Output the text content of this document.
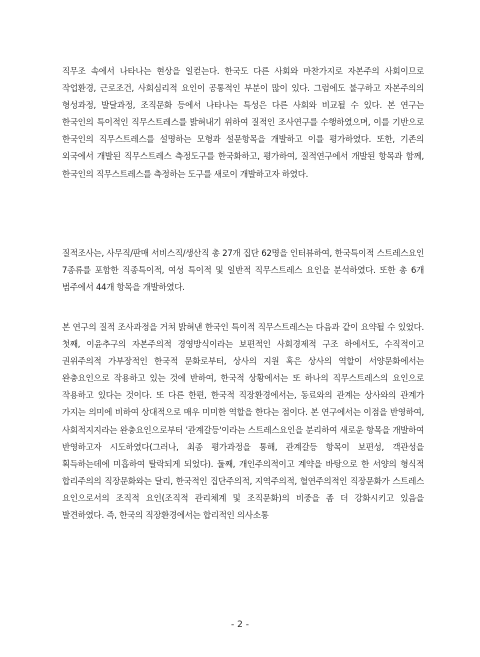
직무조 속에서 나타나는 현상을 일컫는다. 한국도 다른 사회와 마찬가지로 자본주의 사회이므로 작업환경, 근로조건, 사회심리적 요인이 공통적인 부분이 많이 있다. 그럼에도 불구하고 자본주의의 형성과정, 발달과정, 조직문화 등에서 나타나는 특성은 다른 사회와 비교될 수 있다. 본 연구는 한국인의 특이적인 직무스트레스를 밝혀내기 위하여 질적인 조사연구를 수행하였으며, 이를 기반으로 한국인의 직무스트레스를 설명하는 모형과 설문항목을 개발하고 이를 평가하였다. 또한, 기존의 외국에서 개발된 직무스트레스 측정도구를 한국화하고, 평가하여, 질적연구에서 개발된 항목과 함께, 한국인의 직무스트레스를 측정하는 도구를 새로이 개발하고자 하였다.

질적조사는, 사무직/판매 서비스직/생산직 총 27개 집단 62명을 인터뷰하여, 한국특이적 스트레스요인 7종류를 포함한 직종특이적, 여성 특이적 및 일반적 직무스트레스 요인을 분석하였다. 또한 총 6개 범주에서 44개 항목을 개발하였다.

본 연구의 질적 조사과정을 거쳐 밝혀낸 한국인 특이적 직무스트레스는 다음과 같이 요약될 수 있었다. 첫째, 이윤추구의 자본주의적 경영방식이라는 보편적인 사회경제적 구조 하에서도, 수직적이고 권위주의적 가부장적인 한국적 문화로부터, 상사의 지원 혹은 상사의 역할이 서양문화에서는 완충요인으로 작용하고 있는 것에 반하여, 한국적 상황에서는 또 하나의 직무스트레스의 요인으로 작용하고 있다는 것이다. 또 다른 한편, 한국적 직장환경에서는, 동료와의 관계는 상사와의 관계가 가지는 의미에 비하여 상대적으로 매우 미미한 역할을 한다는 점이다. 본 연구에서는 이점을 반영하여, 사회적지지라는 완충요인으로부터 '관계갈등'이라는 스트레스요인을 분리하여 새로운 항목을 개발하여 반영하고자 시도하였다(그러나, 최종 평가과정을 통해, 관계갈등 항목이 보편성, 객관성을 획득하는데에 미흡하여 탈락되게 되었다). 둘째, 개인주의적이고 계약을 바탕으로 한 서양의 형식적 합리주의의 직장문화와는 달리, 한국적인 집단주의적, 지역주의적, 혈연주의적인 직장문화가 스트레스 요인으로서의 조직적 요인(조직적 관리체계 및 조직문화)의 비중을 좀 더 강화시키고 있음을 발견하였다. 즉, 한국의 직장환경에서는 합리적인 의사소통

- 2 -
